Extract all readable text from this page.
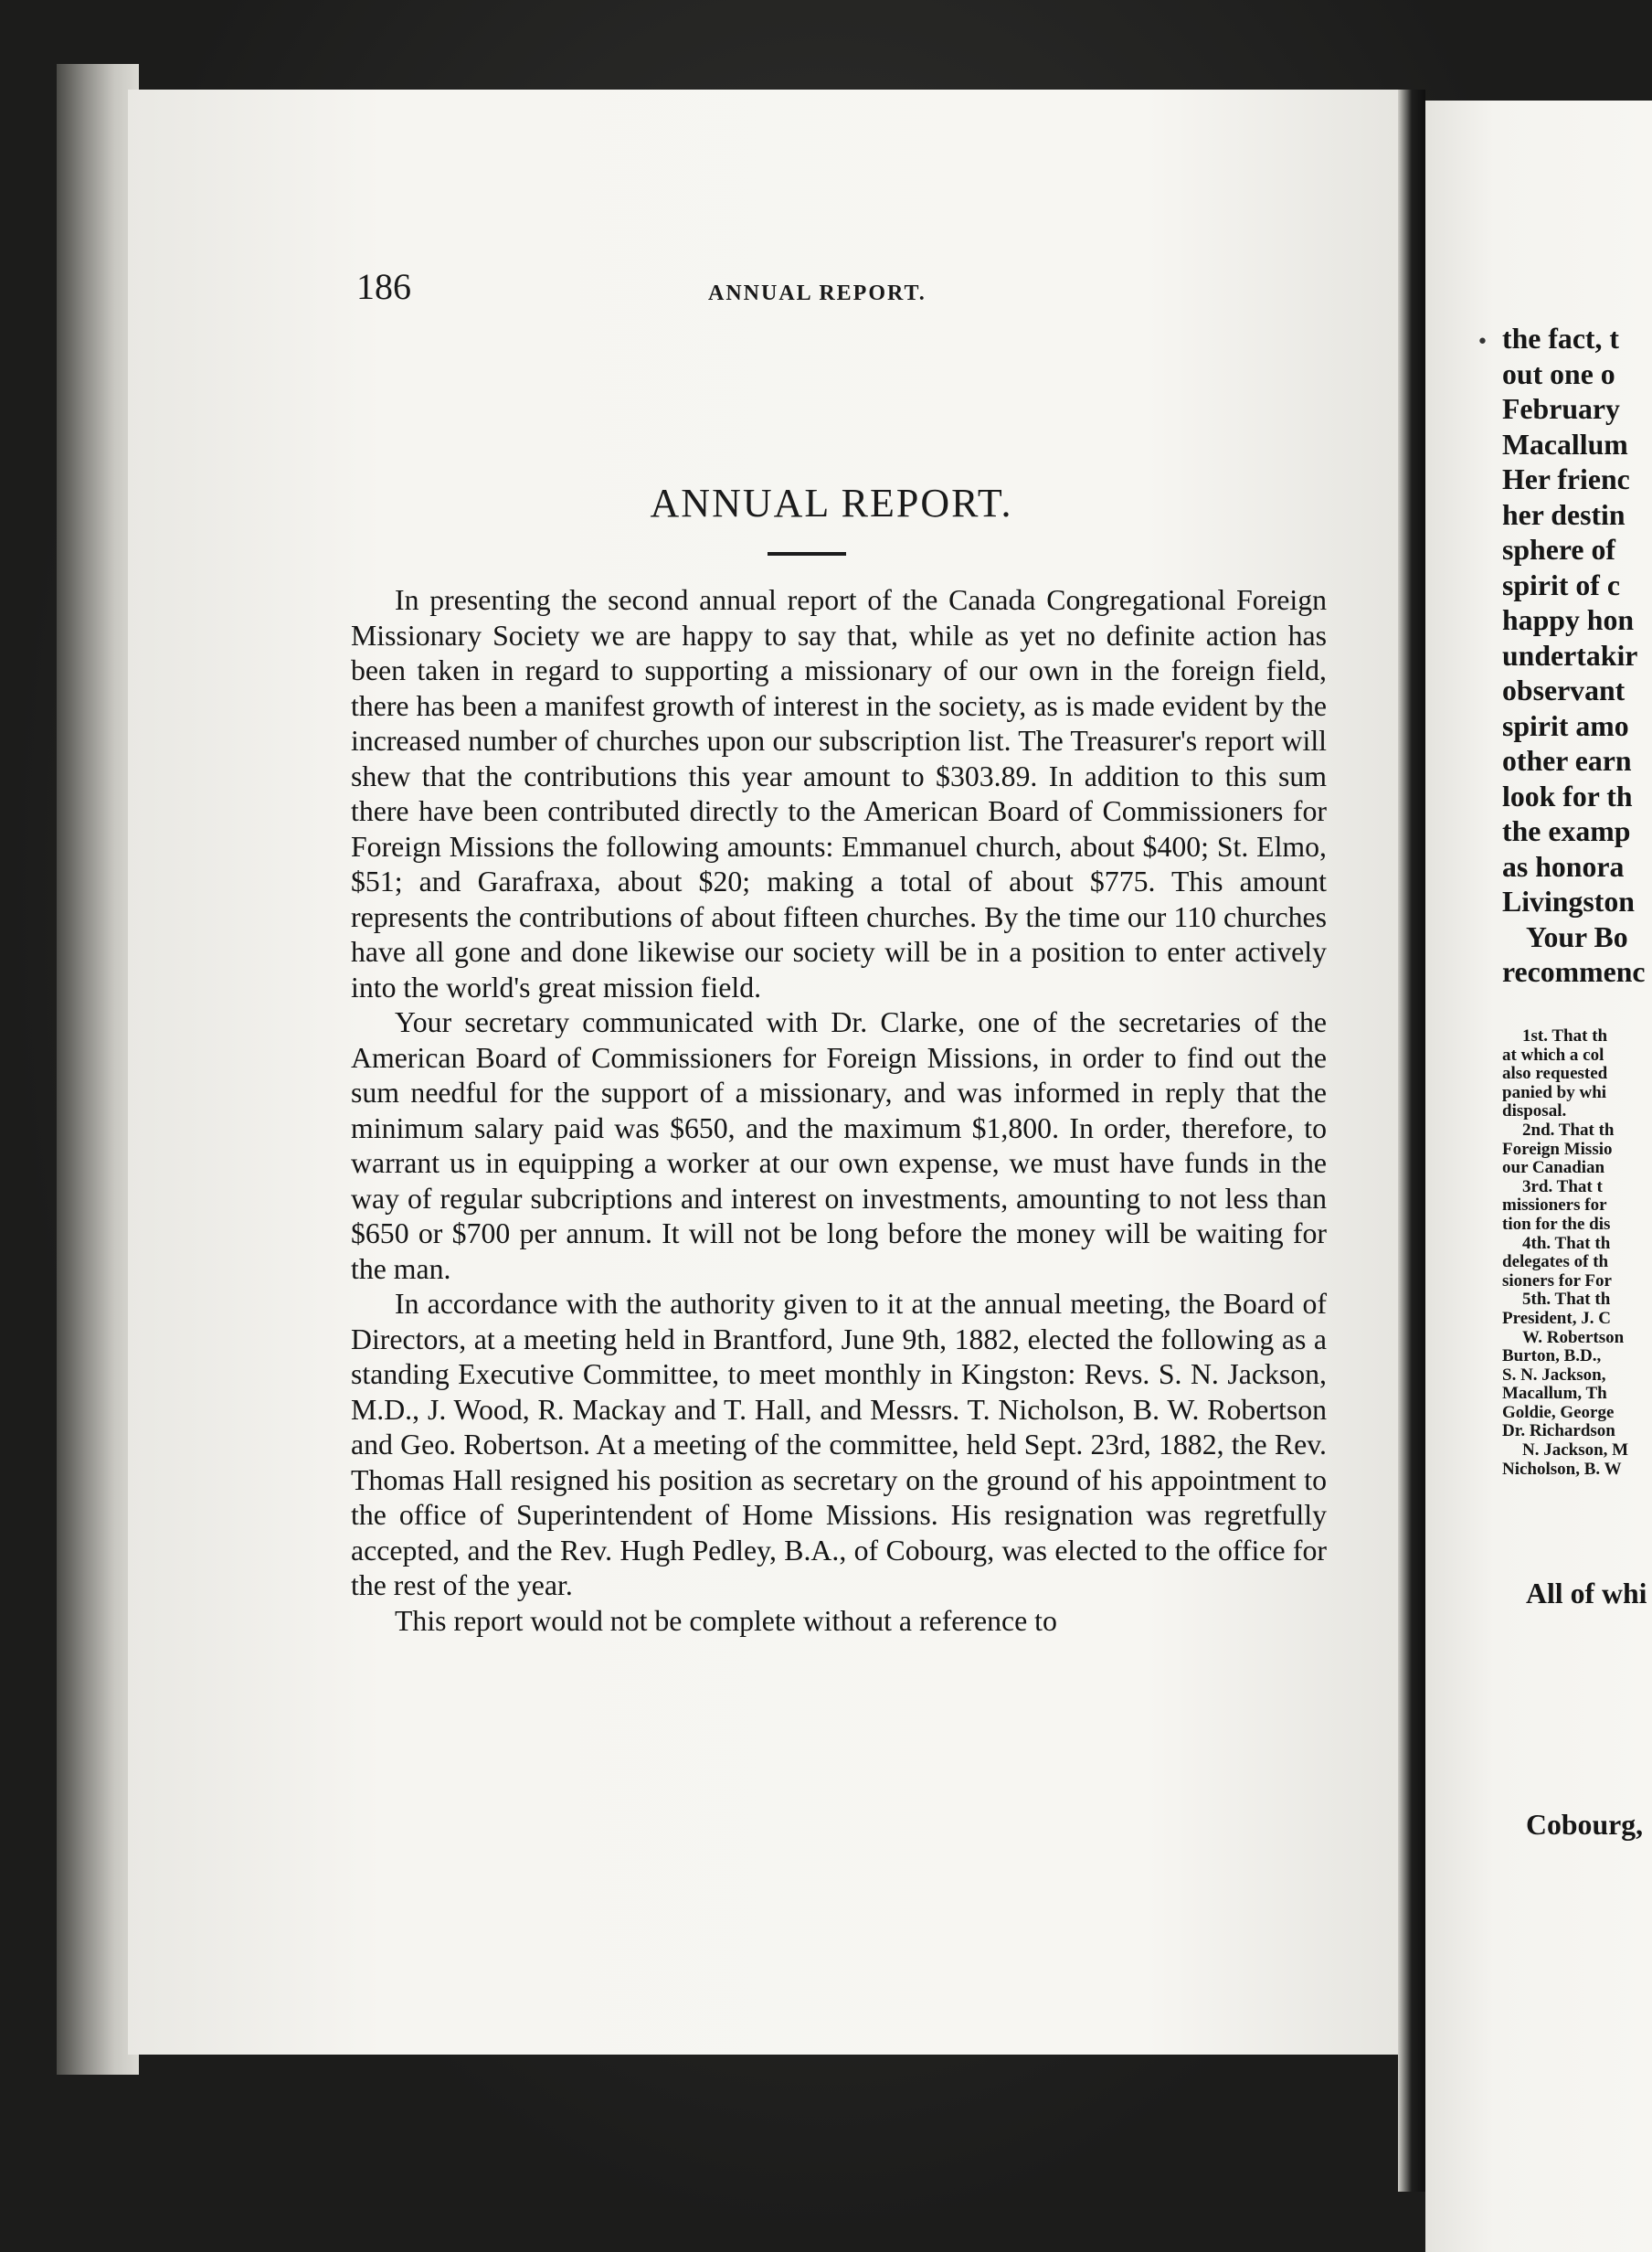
186	ANNUAL REPORT.
ANNUAL REPORT.

In presenting the second annual report of the Canada Congregational Foreign Missionary Society we are happy to say that, while as yet no definite action has been taken in regard to supporting a missionary of our own in the foreign field, there has been a manifest growth of interest in the society, as is made evident by the increased number of churches upon our subscription list. The Treasurer's report will shew that the contributions this year amount to $303.89. In addition to this sum there have been contributed directly to the American Board of Commissioners for Foreign Missions the following amounts: Emmanuel church, about $400; St. Elmo, $51; and Garafraxa, about $20; making a total of about $775. This amount represents the contributions of about fifteen churches. By the time our 110 churches have all gone and done likewise our society will be in a position to enter actively into the world's great mission field.

Your secretary communicated with Dr. Clarke, one of the secretaries of the American Board of Commissioners for Foreign Missions, in order to find out the sum needful for the support of a missionary, and was informed in reply that the minimum salary paid was $650, and the maximum $1,800. In order, therefore, to warrant us in equipping a worker at our own expense, we must have funds in the way of regular subcriptions and interest on investments, amounting to not less than $650 or $700 per annum. It will not be long before the money will be waiting for the man.

In accordance with the authority given to it at the annual meeting, the Board of Directors, at a meeting held in Brantford, June 9th, 1882, elected the following as a standing Executive Committee, to meet monthly in Kingston: Revs. S. N. Jackson, M.D., J. Wood, R. Mackay and T. Hall, and Messrs. T. Nicholson, B. W. Robertson and Geo. Robertson. At a meeting of the committee, held Sept. 23rd, 1882, the Rev. Thomas Hall resigned his position as secretary on the ground of his appointment to the office of Superintendent of Home Missions. His resignation was regretfully accepted, and the Rev. Hugh Pedley, B.A., of Cobourg, was elected to the office for the rest of the year.

This report would not be complete without a reference to

• the fact, t
out one o
February
Macallum
Her frienc
her destin
sphere of
spirit of c
happy hon
undertakir
observant
spirit amo
other earn
look for th
the examp
as honora
Livingston
Your Bo
recommenc
1st. That th
at which a col
also requested
panied by whi
disposal.
2nd. That th
Foreign Missio
our Canadian
3rd. That t
missioners for
tion for the dis
4th. That th
delegates of th
sioners for For
5th. That th
President, J. C
W. Robertson
Burton, B.D.,
S. N. Jackson,
Macallum, Th
Goldie, George
Dr. Richardson
N. Jackson, M
Nicholson, B. W
All of whi
Cobourg,
